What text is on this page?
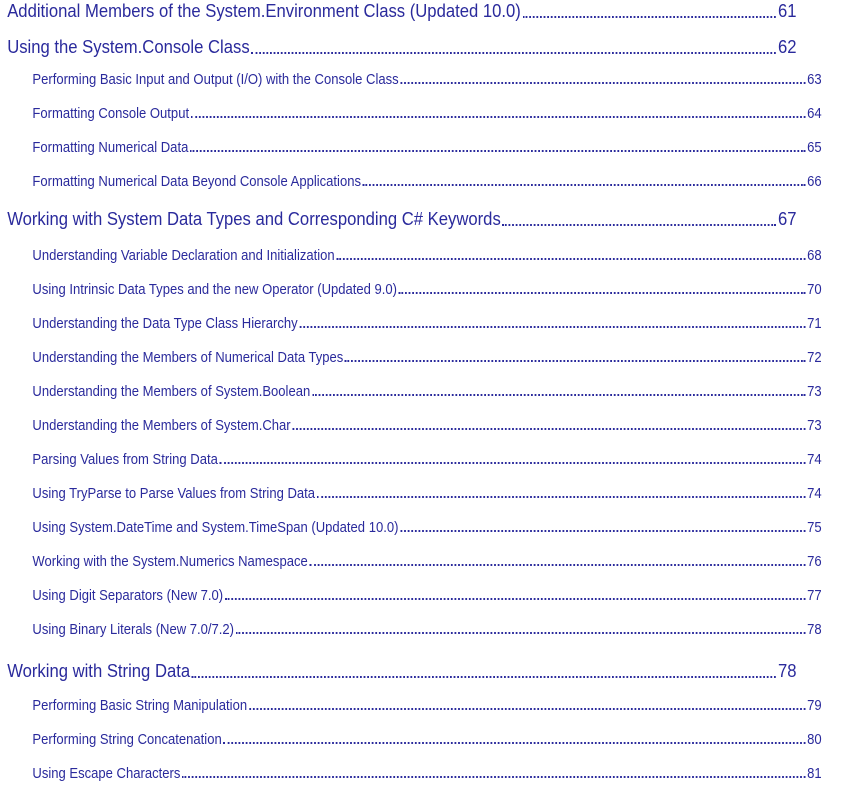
Additional Members of the System.Environment Class (Updated 10.0)	61
Using the System.Console Class	62
Performing Basic Input and Output (I/O) with the Console Class	63
Formatting Console Output	64
Formatting Numerical Data	65
Formatting Numerical Data Beyond Console Applications	66
Working with System Data Types and Corresponding C# Keywords	67
Understanding Variable Declaration and Initialization	68
Using Intrinsic Data Types and the new Operator (Updated 9.0)	70
Understanding the Data Type Class Hierarchy	71
Understanding the Members of Numerical Data Types	72
Understanding the Members of System.Boolean	73
Understanding the Members of System.Char	73
Parsing Values from String Data	74
Using TryParse to Parse Values from String Data	74
Using System.DateTime and System.TimeSpan (Updated 10.0)	75
Working with the System.Numerics Namespace	76
Using Digit Separators (New 7.0)	77
Using Binary Literals (New 7.0/7.2)	78
Working with String Data	78
Performing Basic String Manipulation	79
Performing String Concatenation	80
Using Escape Characters	81
